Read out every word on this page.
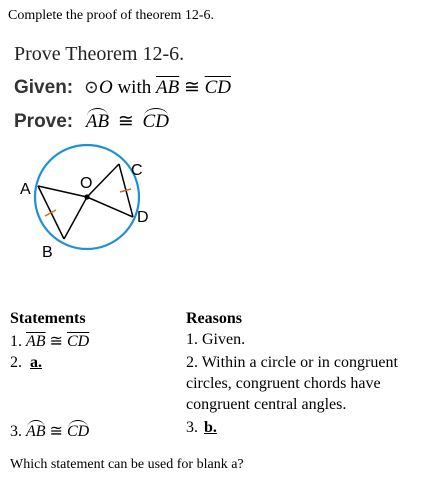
Complete the proof of theorem 12-6.
Prove Theorem 12-6.
Given: ⊙O with $\overline{AB}$ ≅ $\overline{CD}$
Prove: AB ≅ CD
A
B
C
D
O
Statements	Reasons
1. $\overline{AB}$ ≅ $\overline{CD}$	1. Given.
2. a.	2. Within a circle or in congruent
circles, congruent chords have
congruent central angles.
3. AB ≅ CD	3. b.
Which statement can be used for blank a?
